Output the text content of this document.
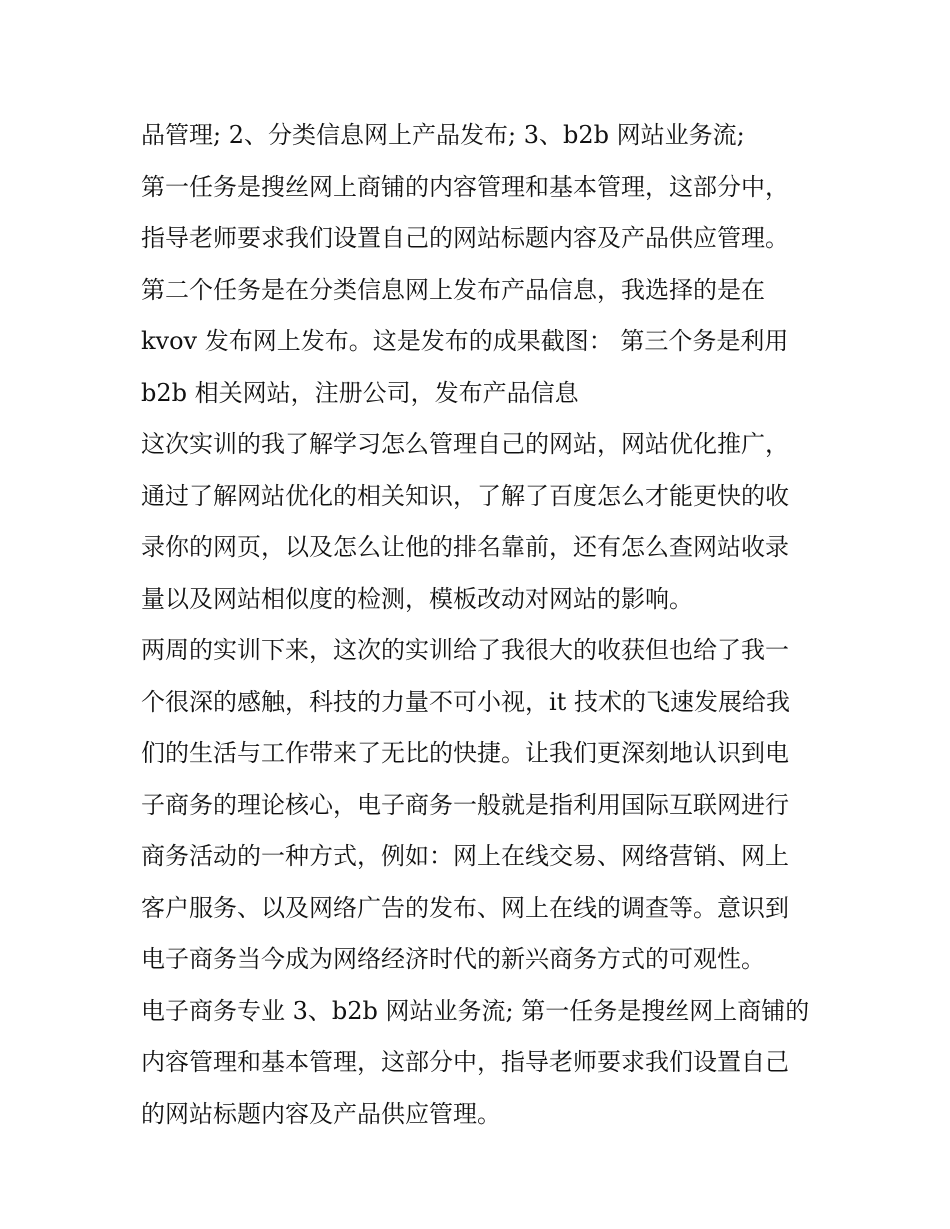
品管理; 2、分类信息网上产品发布; 3、b2b 网站业务流;
第一任务是搜丝网上商铺的内容管理和基本管理，这部分中，
指导老师要求我们设置自己的网站标题内容及产品供应管理。
第二个任务是在分类信息网上发布产品信息，我选择的是在
kvov 发布网上发布。这是发布的成果截图： 第三个务是利用
b2b 相关网站，注册公司，发布产品信息
这次实训的我了解学习怎么管理自己的网站，网站优化推广，
通过了解网站优化的相关知识，了解了百度怎么才能更快的收
录你的网页，以及怎么让他的排名靠前，还有怎么查网站收录
量以及网站相似度的检测，模板改动对网站的影响。
两周的实训下来，这次的实训给了我很大的收获但也给了我一
个很深的感触，科技的力量不可小视，it 技术的飞速发展给我
们的生活与工作带来了无比的快捷。让我们更深刻地认识到电
子商务的理论核心，电子商务一般就是指利用国际互联网进行
商务活动的一种方式，例如：网上在线交易、网络营销、网上
客户服务、以及网络广告的发布、网上在线的调查等。意识到
电子商务当今成为网络经济时代的新兴商务方式的可观性。
电子商务专业 3、b2b 网站业务流; 第一任务是搜丝网上商铺的
内容管理和基本管理，这部分中，指导老师要求我们设置自己
的网站标题内容及产品供应管理。
